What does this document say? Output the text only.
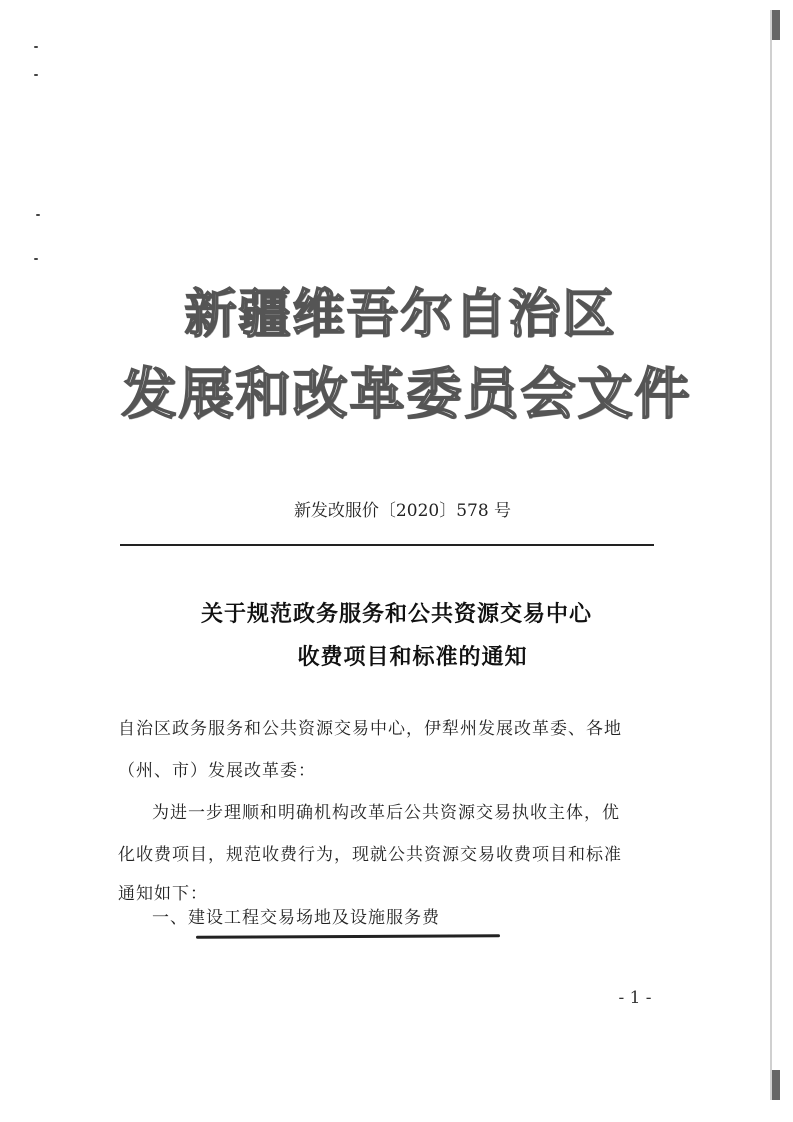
新疆维吾尔自治区
发展和改革委员会文件
新发改服价〔2020〕578 号
关于规范政务服务和公共资源交易中心
收费项目和标准的通知
自治区政务服务和公共资源交易中心，伊犁州发展改革委、各地
（州、市）发展改革委：
为进一步理顺和明确机构改革后公共资源交易执收主体，优
化收费项目，规范收费行为，现就公共资源交易收费项目和标准
通知如下：
一、建设工程交易场地及设施服务费
- 1 -
